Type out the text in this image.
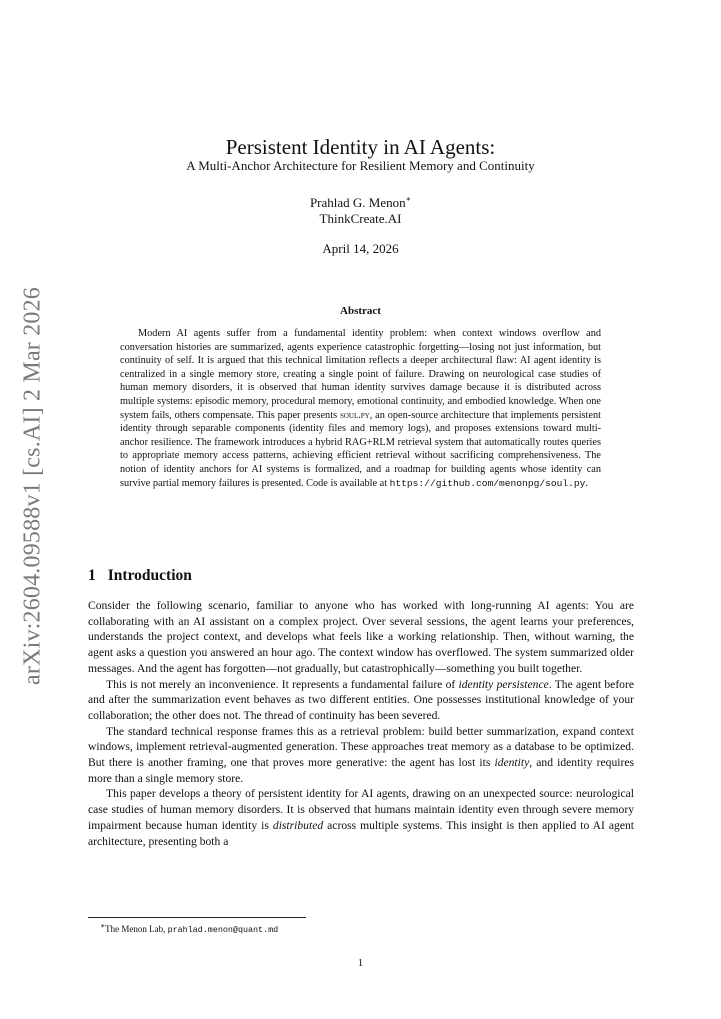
arXiv:2604.09588v1 [cs.AI] 2 Mar 2026
Persistent Identity in AI Agents:
A Multi-Anchor Architecture for Resilient Memory and Continuity
Prahlad G. Menon∗
ThinkCreate.AI
April 14, 2026
Abstract

Modern AI agents suffer from a fundamental identity problem: when context windows overflow and conversation histories are summarized, agents experience catastrophic forgetting—losing not just information, but continuity of self. It is argued that this technical limitation reflects a deeper architectural flaw: AI agent identity is centralized in a single memory store, creating a single point of failure. Drawing on neurological case studies of human memory disorders, it is observed that human identity survives damage because it is distributed across multiple systems: episodic memory, procedural memory, emotional continuity, and embodied knowledge. When one system fails, others compensate. This paper presents soul.py, an open-source architecture that implements persistent identity through separable components (identity files and memory logs), and proposes extensions toward multi-anchor resilience. The framework introduces a hybrid RAG+RLM retrieval system that automatically routes queries to appropriate memory access patterns, achieving efficient retrieval without sacrificing comprehensiveness. The notion of identity anchors for AI systems is formalized, and a roadmap for building agents whose identity can survive partial memory failures is presented. Code is available at https://github.com/menonpg/soul.py.

1 Introduction

Consider the following scenario, familiar to anyone who has worked with long-running AI agents: You are collaborating with an AI assistant on a complex project. Over several sessions, the agent learns your preferences, understands the project context, and develops what feels like a working relationship. Then, without warning, the agent asks a question you answered an hour ago. The context window has overflowed. The system summarized older messages. And the agent has forgotten—not gradually, but catastrophically—something you built together.

This is not merely an inconvenience. It represents a fundamental failure of identity persistence. The agent before and after the summarization event behaves as two different entities. One possesses institutional knowledge of your collaboration; the other does not. The thread of continuity has been severed.

The standard technical response frames this as a retrieval problem: build better summarization, expand context windows, implement retrieval-augmented generation. These approaches treat memory as a database to be optimized. But there is another framing, one that proves more generative: the agent has lost its identity, and identity requires more than a single memory store.

This paper develops a theory of persistent identity for AI agents, drawing on an unexpected source: neurological case studies of human memory disorders. It is observed that humans maintain identity even through severe memory impairment because human identity is distributed across multiple systems. This insight is then applied to AI agent architecture, presenting both a

∗The Menon Lab, prahlad.menon@quant.md
1
